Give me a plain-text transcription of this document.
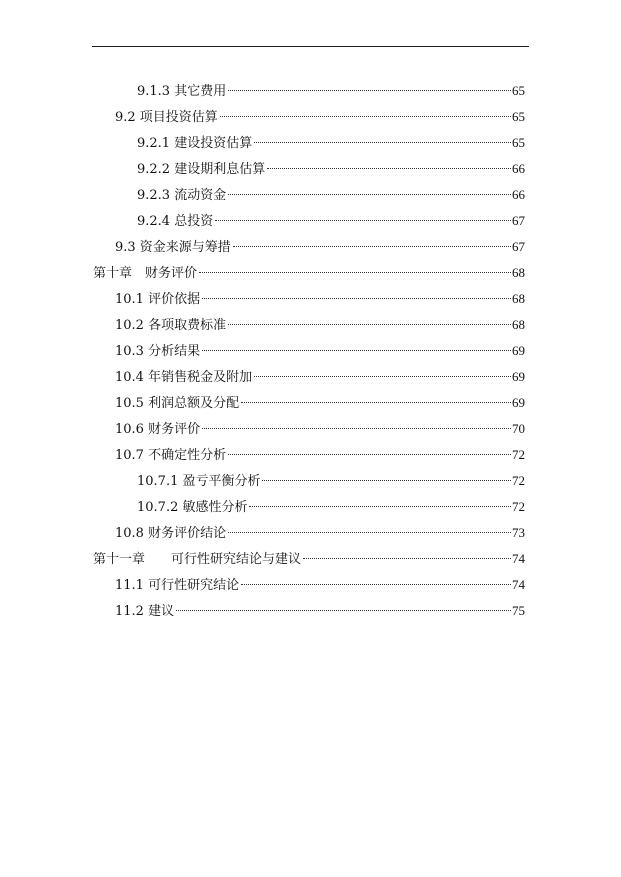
9.1.3 其它费用	65
9.2 项目投资估算	65
9.2.1 建设投资估算	65
9.2.2 建设期利息估算	66
9.2.3 流动资金	66
9.2.4 总投资	67
9.3 资金来源与筹措	67
第十章　财务评价	68
10.1 评价依据	68
10.2 各项取费标准	68
10.3 分析结果	69
10.4 年销售税金及附加	69
10.5 利润总额及分配	69
10.6 财务评价	70
10.7 不确定性分析	72
10.7.1 盈亏平衡分析	72
10.7.2 敏感性分析	72
10.8 财务评价结论	73
第十一章　　可行性研究结论与建议	74
11.1 可行性研究结论	74
11.2 建议	75
